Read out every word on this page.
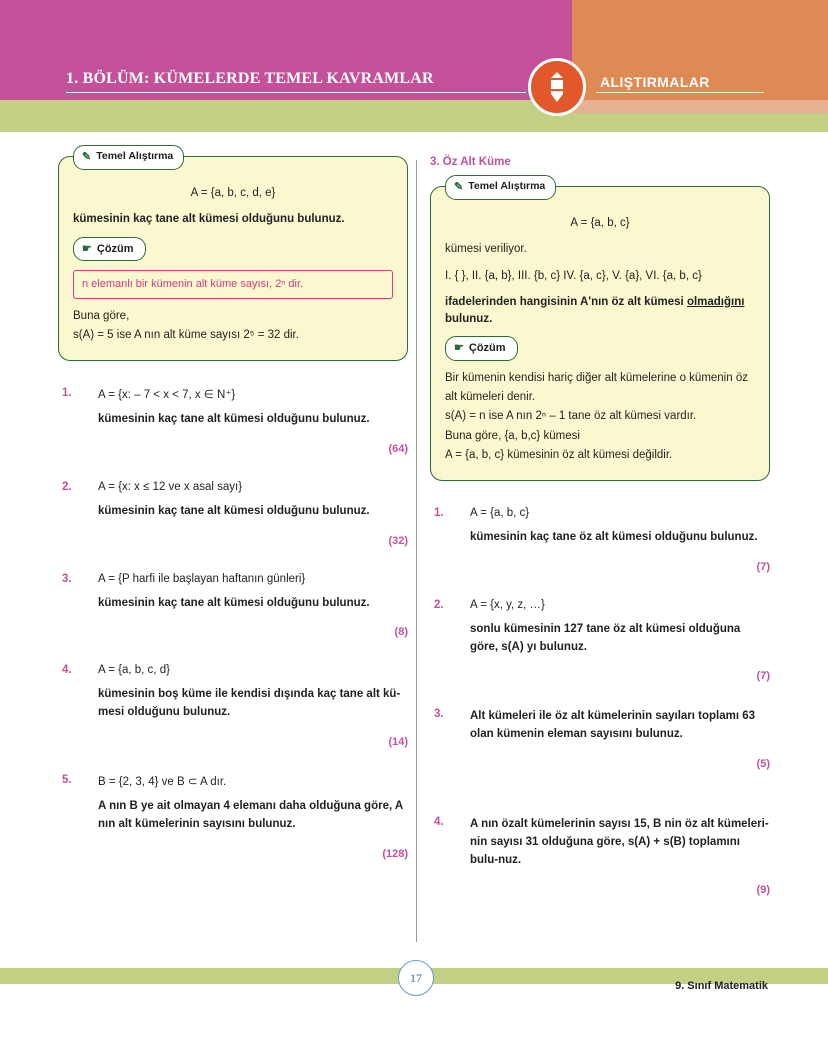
1. BÖLÜM: KÜMELERDE TEMEL KAVRAMLAR	ALIŞTIRMALAR
✎ Temel Alıştırma
A = {a, b, c, d, e}
kümesinin kaç tane alt kümesi olduğunu bulunuz.
☛ Çözüm
n elemanlı bir kümenin alt küme sayısı, 2ⁿ dir.
Buna göre,
s(A) = 5 ise A nın alt küme sayısı 2⁵ = 32 dir.
1. A = {x: – 7 < x < 7, x ∈ N⁺}
kümesinin kaç tane alt kümesi olduğunu bulunuz.
(64)
2. A = {x: x ≤ 12 ve x asal sayı}
kümesinin kaç tane alt kümesi olduğunu bulunuz.
(32)
3. A = {P harfi ile başlayan haftanın günleri}
kümesinin kaç tane alt kümesi olduğunu bulunuz.
(8)
4. A = {a, b, c, d}
kümesinin boş küme ile kendisi dışında kaç tane alt kü-mesi olduğunu bulunuz.
(14)
5. B = {2, 3, 4} ve B ⊂ A dır.
A nın B ye ait olmayan 4 elemanı daha olduğuna göre, A nın alt kümelerinin sayısını bulunuz.
(128)
3. Öz Alt Küme
✎ Temel Alıştırma
A = {a, b, c}
kümesi veriliyor.
I. { }, II. {a, b}, III. {b, c} IV. {a, c}, V. {a}, VI. {a, b, c}
ifadelerinden hangisinin A'nın öz alt kümesi olmadığını bulunuz.
☛ Çözüm
Bir kümenin kendisi hariç diğer alt kümelerine o kümenin öz
alt kümeleri denir.
s(A) = n ise A nın 2ⁿ – 1 tane öz alt kümesi vardır.
Buna göre, {a, b,c} kümesi
A = {a, b, c} kümesinin öz alt kümesi değildir.
1. A = {a, b, c}
kümesinin kaç tane öz alt kümesi olduğunu bulunuz.
(7)
2. A = {x, y, z, …}
sonlu kümesinin 127 tane öz alt kümesi olduğuna göre, s(A) yı bulunuz.
(7)
3. Alt kümeleri ile öz alt kümelerinin sayıları toplamı 63 olan kümenin eleman sayısını bulunuz.
(5)
4. A nın özalt kümelerinin sayısı 15, B nin öz alt kümeleri-nin sayısı 31 olduğuna göre, s(A) + s(B) toplamını bulu-nuz.
(9)
17
9. Sınıf Matematik
